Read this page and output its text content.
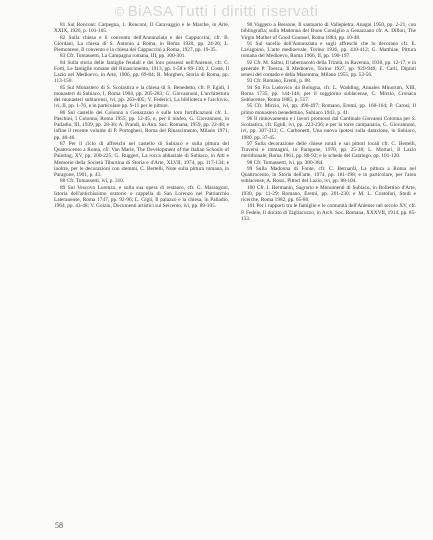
© BiASA Tutti i diritti riservati

81 Sul Ronconi: Carpegna, 1. Ronconi, Il Caravaggio e le Marche, in Arte, XXIX, 1926, p. 101-105.

82 Sulla chiesa e il convento dell'Annunziata e dei Cappuccini, cfr. B. Giordani, La chiesa di S. Antonio a Roma, in Roma 1920, pp. 24-26; L. Piemontese, Il convento e la chiesa dei Cappuccini a Roma, 1927, pp. 19-35.

83 Cfr. Tomassetti, La Campagna romana, III, pp. 300-301.

84 Sulla storia delle famiglie feudali e dei loro possessi nell'Aniense, cfr. C. Forti, Le famiglie romane del Rinascimento, 1913, pp. 1-58 e 89-130; J. Coste, Il Lazio nel Medioevo, in Arte, 1906, pp. 69-84; R. Morghen, Storia di Roma, pp. 113-150.

85 Sul Monastero di S. Scolastica e la chiesa di S. Benedetto, cfr. P. Egidi, I monasteri di Subiaco, I, Roma 1904, pp. 205-283; G. Giovannoni, L'architettura dei monasteri sublacensi, ivi, pp. 263-405; V. Federici, La biblioteca e l'archivio, ivi, II, pp. 1-76, e in particolare pp. 9-11 per le pitture.

86 Sul castello dei Colonna a Genazzano e sulle loro fortificazioni cfr. L. Paschini, I Colonna, Roma 1955, pp. 12-45, e, per il ninfeo, G. Giovannoni, in Palladio, III, 1939, pp. 28-36; A. Prandi, in Ann. Soc. Romana, 1959, pp. 22-48; e infine il recente volume di P. Portoghesi, Roma del Rinascimento, Milano 1971, pp. 40-46.

87 Per il ciclo di affreschi nel castello di Subiaco e sulla pittura del Quattrocento a Roma, cfr. Van Marle, The Development of the Italian Schools of Painting, XV, pp. 200-225; G. Ruggeri, La rocca abbaziale di Subiaco, in Atti e Memorie della Società Tiburtina di Storia e d'Arte, XLVII, 1974, pp. 117-134; e inoltre, per le decorazioni con stemmi, C. Bertelli, Note sulla pittura romana, in Paragone, 1961, p. 43.

88 Cfr. Tomassetti, ivi, p. 310.

89 Sul Vescovo Lorenzo, e sulla sua opera di restauro, cfr. G. Marangoni, Istoria dell'antichissimo oratorio o cappella di San Lorenzo nel Patriarchio Lateranense, Roma 1747, pp. 92-96; L. Gigli, Il palazzo e la chiesa, in Palladio, 1964, pp. 43-48; V. Golzio, Documenti artistici sul Seicento, ivi, pp. 89-105.

90 Vaggero a Bessone, Il santuario di Vallepietra, Anagni 1950, pp. 2-21, con bibliografia; sulla Madonna del Buon Consiglio a Genazzano cfr. A. Dillon, The Virgin Mother of Good Counsel, Roma 1884, pp. 10-48.

91 Sul sacello dell'Annunziata e sugli affreschi che lo decorano cfr. E. Lavagnino, L'arte medioevale, Torino 1936, pp. 410-412; G. Matthiae, Pittura romana del Medioevo, Roma 1966, II, pp. 190-197.

92 Cfr. M. Salmi, Il tabernacolo della Trinità, in Ravenna, 1930, pp. 12-17; e in generale P. Toesca, Il Medioevo, Torino 1927, pp. 929-940; E. Carli, Dipinti senesi del contado e della Maremma, Milano 1955, pp. 53-56.

93 Cfr. Romano, Eremi, p. 88.

94 Su Fra Ludovico da Bologna, cfr. L. Wadding, Annales Minorum, XIII, Roma 1735, pp. 144-146; per il soggiorno sublacense, C. Mirzio, Cronaca Sublacense, Roma 1885, p. 517.

95 Cfr. Mirzio, ivi, pp. 490-497; Romano, Eremi, pp. 160-164; P. Carosi, Il primo monastero benedettino, Subiaco 1943, p. 41.

96 Il rinnovamento e i lavori promossi dal Cardinale Giovanni Colonna per S. Scolastica, cfr. Egidi, ivi, pp. 223-236; e per la torre campanaria, G. Giovannoni, ivi, pp. 307-312; C. Carbonetti, Una nuova ipotesi sulla datazione, in Subiaco, 1980, pp. 37-45.

97 Sulla decorazione delle chiese rurali e sui pittori locali cfr. C. Bertelli, Traversi e immagini, in Paragone, 1970, pp. 25-38; L. Mortari, Il Lazio meridionale, Roma 1961, pp. 80-92; e le schede del Catalogo, pp. 101-120.

98 Cfr. Tomassetti, ivi, pp. 380-384.

99 Sulla Madonna di Fonte, cfr. C. Bernardi, La pittura a Roma nel Quattrocento, in Storia dell'arte, 1974, pp. 181-198; e in particolare, per l'area sublacense, A. Rossi, Pittori del Lazio, ivi, pp. 88-104.

100 Cfr. I. Hermanin, Sagrario e Monumenti di Subiaco, in Bollettino d'Arte, 1930, pp. 11-29; Romano, Eremi, pp. 201-230; e M. L. Cristofari, Studi e ricerche, Roma 1982, pp. 65-80.

101 Per i rapporti tra le famiglie e le comunità dell'Aniense nel secolo XV, cfr. P. Fedele, Il ducato di Tagliacozzo, in Arch. Soc. Romana, XXXVII, 1914, pp. 85-133.

58
